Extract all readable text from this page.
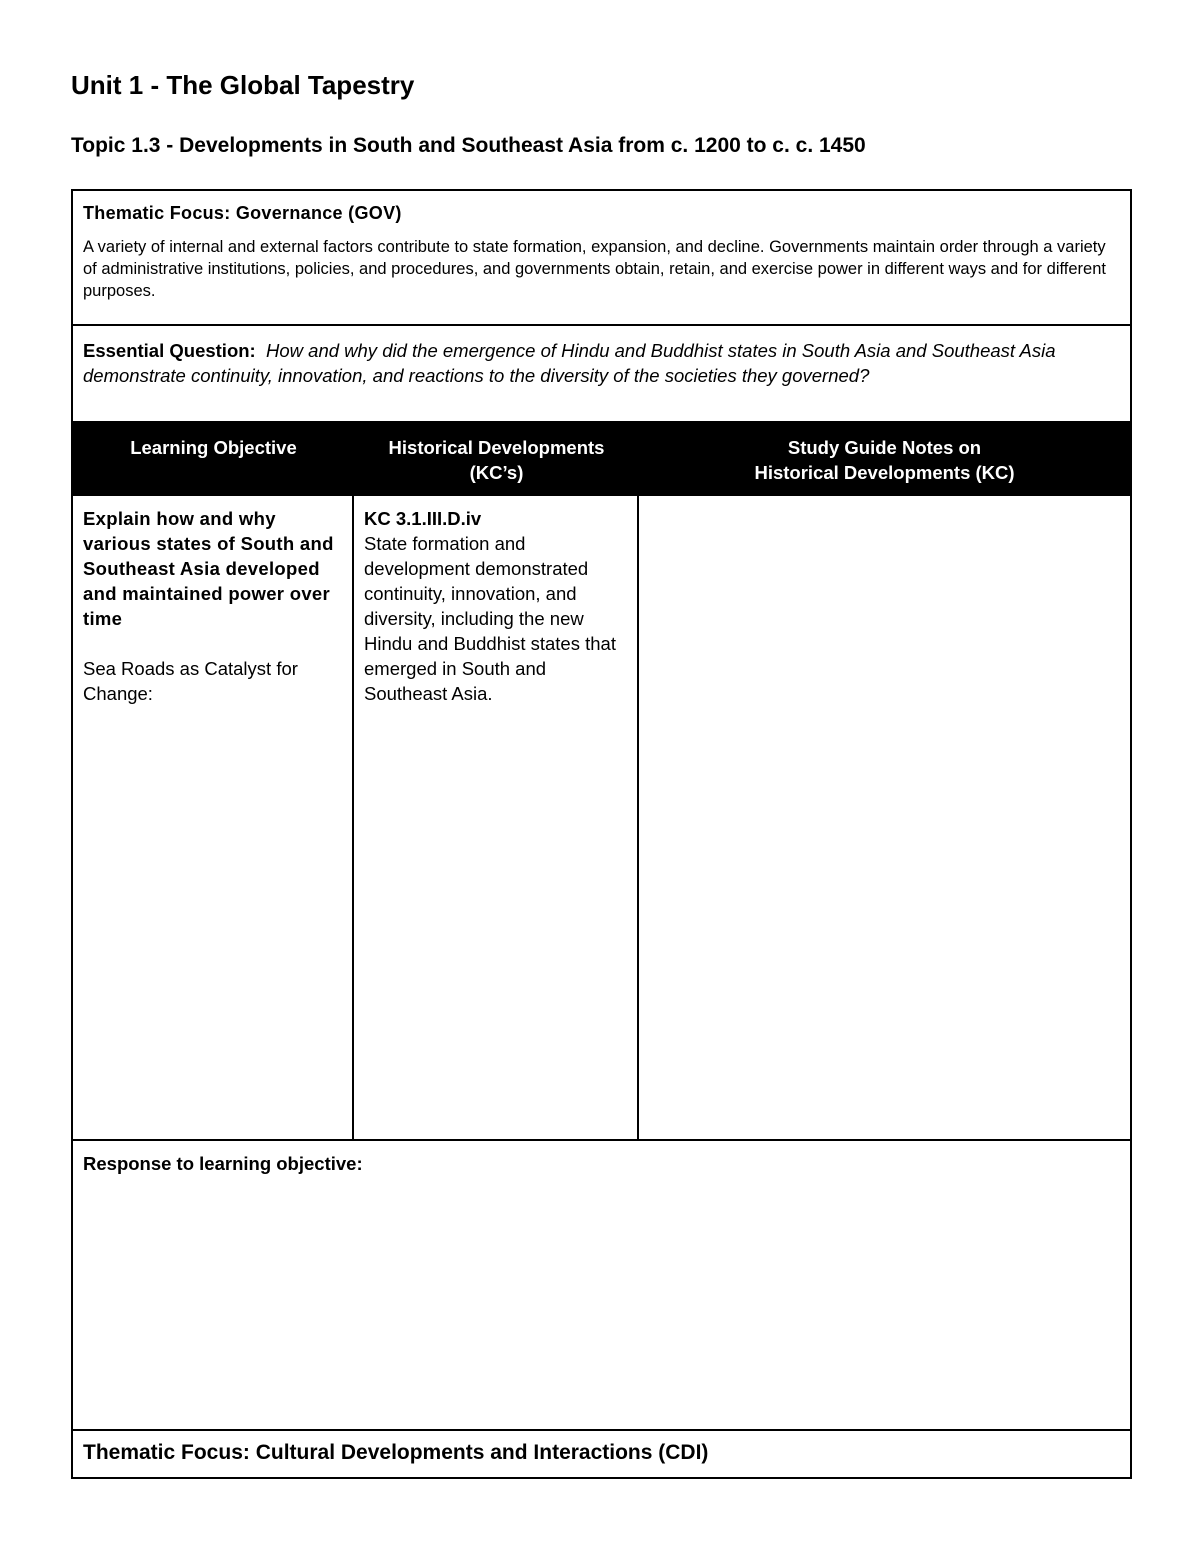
Unit 1 - The Global Tapestry
Topic 1.3 - Developments in South and Southeast Asia from c. 1200 to c. c. 1450
Thematic Focus: Governance (GOV)
A variety of internal and external factors contribute to state formation, expansion, and decline. Governments maintain order through a variety of administrative institutions, policies, and procedures, and governments obtain, retain, and exercise power in different ways and for different purposes.
Essential Question: How and why did the emergence of Hindu and Buddhist states in South Asia and Southeast Asia demonstrate continuity, innovation, and reactions to the diversity of the societies they governed?
Learning Objective	Historical Developments
(KC’s)
Study Guide Notes on
Historical Developments (KC)
Explain how and why various states of South and Southeast Asia developed and maintained power over time
Sea Roads as Catalyst for Change:
KC 3.1.III.D.iv
State formation and development demonstrated continuity, innovation, and diversity, including the new Hindu and Buddhist states that emerged in South and Southeast Asia.
Response to learning objective:
Thematic Focus: Cultural Developments and Interactions (CDI)
